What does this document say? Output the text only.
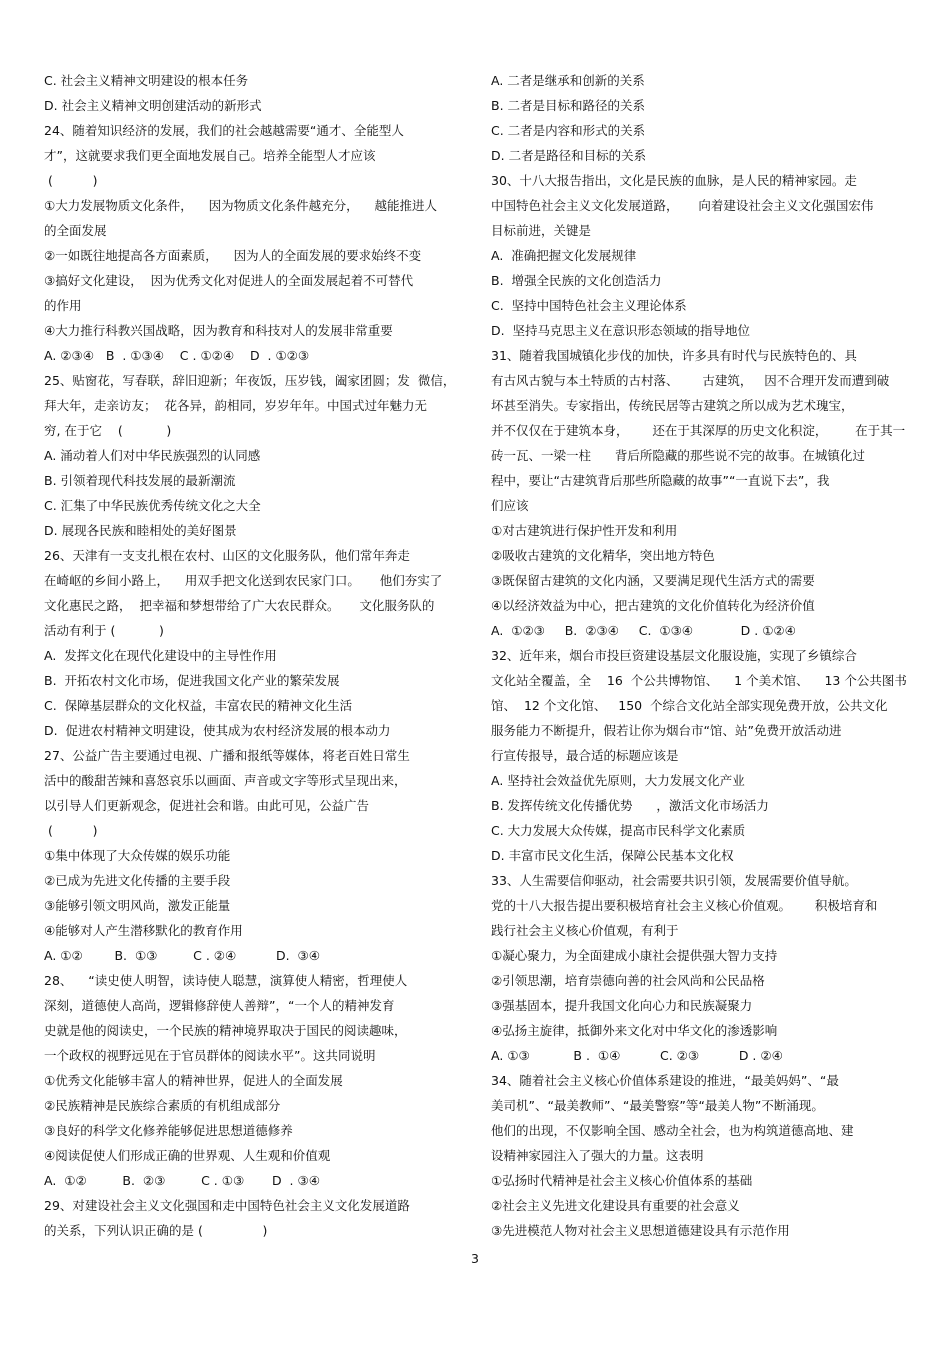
C. 社会主义精神文明建设的根本任务
D. 社会主义精神文明创建活动的新形式
24、随着知识经济的发展，我们的社会越越需要“通才、全能型人
才”，这就要求我们更全面地发展自己。培养全能型人才应该
(          )
①大力发展物质文化条件，    因为物质文化条件越充分，    越能推进人
的全面发展
②一如既往地提高各方面素质，    因为人的全面发展的要求始终不变
③搞好文化建设，  因为优秀文化对促进人的全面发展起着不可替代
的作用
④大力推行科教兴国战略，因为教育和科技对人的发展非常重要
A. ②③④   B  . ①③④    C . ①②④    D  . ①②③
25、贴窗花，写春联，辞旧迎新；年夜饭，压岁钱，阖家团圆；发  微信，
拜大年，走亲访友；  花各异，韵相同，岁岁年年。中国式过年魅力无
穷, 在于它    (           )
A. 涌动着人们对中华民族强烈的认同感
B. 引领着现代科技发展的最新潮流
C. 汇集了中华民族优秀传统文化之大全
D. 展现各民族和睦相处的美好图景
26、天津有一支支扎根在农村、山区的文化服务队，他们常年奔走
在崎岖的乡间小路上，    用双手把文化送到农民家门口。     他们夯实了
文化惠民之路，  把幸福和梦想带给了广大农民群众。     文化服务队的
活动有利于 (           )
A.  发挥文化在现代化建设中的主导性作用
B.  开拓农村文化市场，促进我国文化产业的繁荣发展
C.  保障基层群众的文化权益，丰富农民的精神文化生活
D.  促进农村精神文明建设，使其成为农村经济发展的根本动力
27、公益广告主要通过电视、广播和报纸等媒体，将老百姓日常生
活中的酸甜苦辣和喜怒哀乐以画面、声音或文字等形式呈现出来，
以引导人们更新观念，促进社会和谐。由此可见，公益广告
(          )
①集中体现了大众传媒的娱乐功能
②已成为先进文化传播的主要手段
③能够引领文明风尚，激发正能量
④能够对人产生潜移默化的教育作用
A. ①②        B.  ①③         C . ②④          D.  ③④
28、    “读史使人明智，读诗使人聪慧，演算使人精密，哲理使人
深刻，道德使人高尚，逻辑修辞使人善辩”，“一个人的精神发育
史就是他的阅读史，一个民族的精神境界取决于国民的阅读趣味，
一个政权的视野远见在于官员群体的阅读水平”。这共同说明
①优秀文化能够丰富人的精神世界，促进人的全面发展
②民族精神是民族综合素质的有机组成部分
③良好的科学文化修养能够促进思想道德修养
④阅读促使人们形成正确的世界观、人生观和价值观
A.  ①②         B.  ②③         C . ①③       D  . ③④
29、对建设社会主义文化强国和走中国特色社会主义文化发展道路
的关系，下列认识正确的是 (               )
A. 二者是继承和创新的关系
B. 二者是目标和路径的关系
C. 二者是内容和形式的关系
D. 二者是路径和目标的关系
30、十八大报告指出，文化是民族的血脉，是人民的精神家园。走
中国特色社会主义文化发展道路，     向着建设社会主义文化强国宏伟
目标前进，关键是
A.  准确把握文化发展规律
B.  增强全民族的文化创造活力
C.  坚持中国特色社会主义理论体系
D.  坚持马克思主义在意识形态领域的指导地位
31、随着我国城镇化步伐的加快，许多具有时代与民族特色的、具
有古风古貌与本土特质的古村落、      古建筑，   因不合理开发而遭到破
坏甚至消失。专家指出，传统民居等古建筑之所以成为艺术瑰宝，
并不仅仅在于建筑本身，      还在于其深厚的历史文化积淀，       在于其一
砖一瓦、一梁一柱      背后所隐藏的那些说不完的故事。在城镇化过
程中，要让“古建筑背后那些所隐藏的故事”“一直说下去”，我
们应该
①对古建筑进行保护性开发和利用
②吸收古建筑的文化精华，突出地方特色
③既保留古建筑的文化内涵，又要满足现代生活方式的需要
④以经济效益为中心，把古建筑的文化价值转化为经济价值
A.  ①②③     B.  ②③④     C.  ①③④            D . ①②④
32、近年来，烟台市投巨资建设基层文化服设施，实现了乡镇综合
文化站全覆盖，全    16  个公共博物馆、    1 个美术馆、    13 个公共图书
馆、  12 个文化馆、   150  个综合文化站全部实现免费开放，公共文化
服务能力不断提升，假若让你为烟台市“馆、站”免费开放活动进
行宣传报导，最合适的标题应该是
A. 坚持社会效益优先原则，大力发展文化产业
B. 发挥传统文化传播优势      ，激活文化市场活力
C. 大力发展大众传媒，提高市民科学文化素质
D. 丰富市民文化生活，保障公民基本文化权
33、人生需要信仰驱动，社会需要共识引领，发展需要价值导航。
党的十八大报告提出要积极培育社会主义核心价值观。      积极培育和
践行社会主义核心价值观，有利于
①凝心聚力，为全面建成小康社会提供强大智力支持
②引领思潮，培育崇德向善的社会风尚和公民品格
③强基固本，提升我国文化向心力和民族凝聚力
④弘扬主旋律，抵御外来文化对中华文化的渗透影响
A. ①③           B .  ①④          C. ②③          D . ②④
34、随着社会主义核心价值体系建设的推进，“最美妈妈”、“最
美司机”、“最美教师”、“最美警察”等“最美人物”不断涌现。
他们的出现，不仅影响全国、感动全社会，也为构筑道德高地、建
设精神家园注入了强大的力量。这表明
①弘扬时代精神是社会主义核心价值体系的基础
②社会主义先进文化建设具有重要的社会意义
③先进模范人物对社会主义思想道德建设具有示范作用
3
